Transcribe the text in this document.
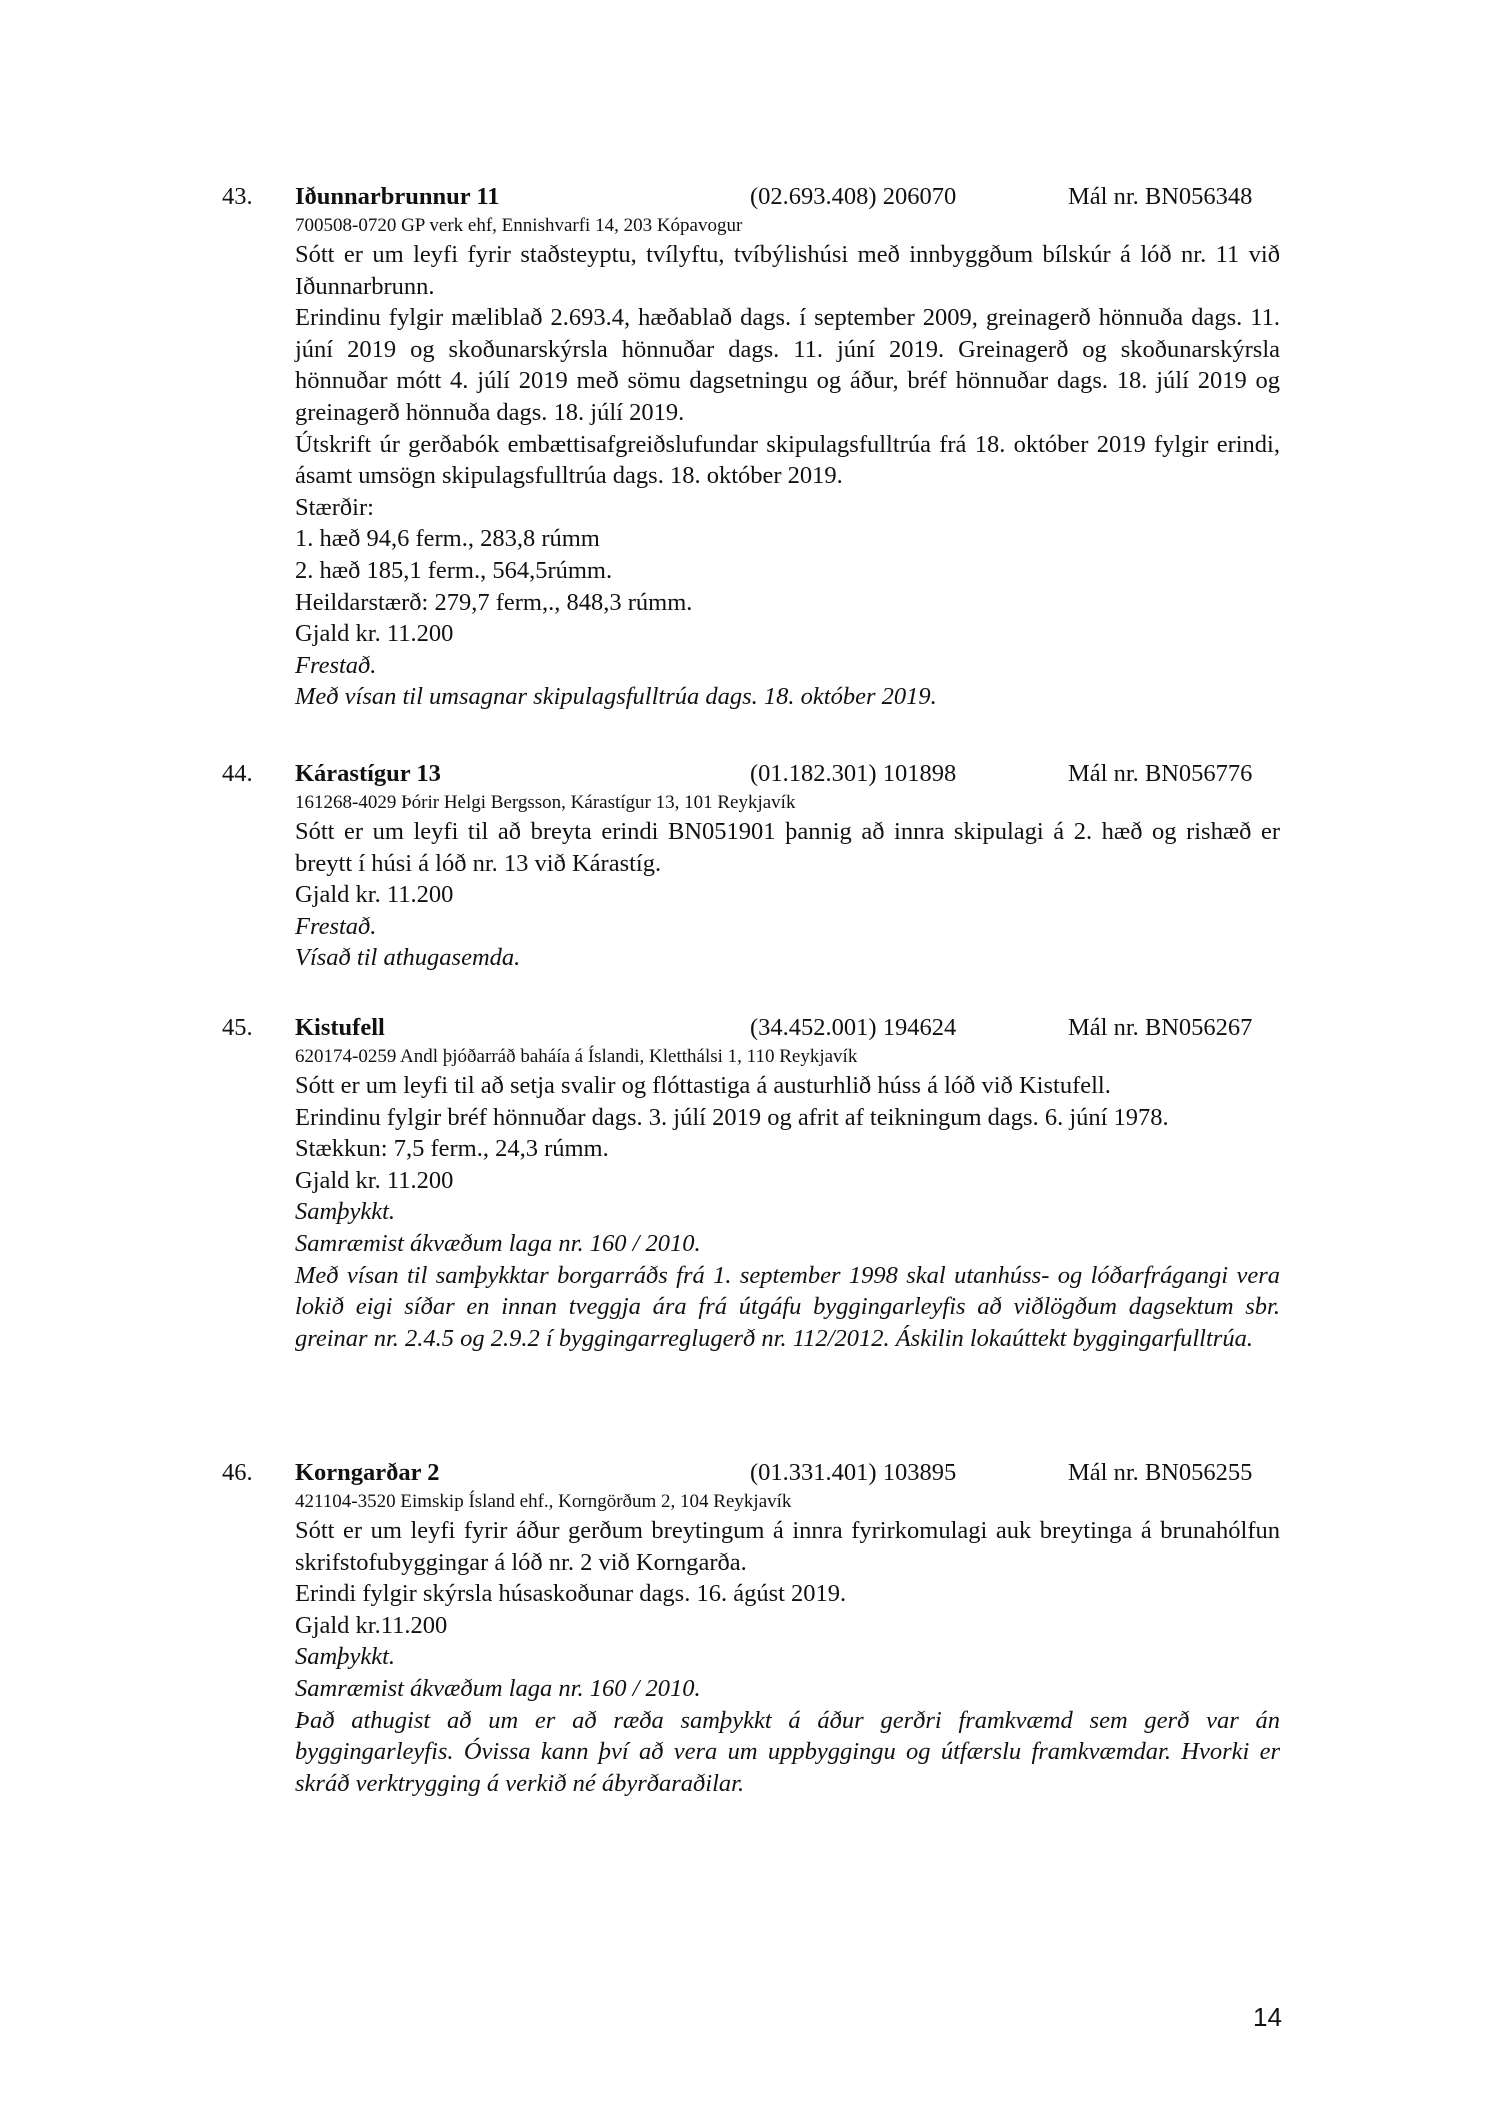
43. Iðunnarbrunnur 11	(02.693.408) 206070	Mál nr. BN056348
700508-0720 GP verk ehf, Ennishvarfi 14, 203 Kópavogur
Sótt er um leyfi fyrir staðsteyptu, tvílyftu, tvíbýlishúsi með innbyggðum bílskúr á lóð nr. 11 við Iðunnarbrunn.
Erindinu fylgir mæliblað 2.693.4, hæðablað dags. í september 2009, greinagerð hönnuða dags. 11. júní 2019 og skoðunarskýrsla hönnuðar dags. 11. júní 2019. Greinagerð og skoðunarskýrsla hönnuðar mótt 4. júlí 2019 með sömu dagsetningu og áður, bréf hönnuðar dags. 18. júlí 2019 og greinagerð hönnuða dags. 18. júlí 2019.
Útskrift úr gerðabók embættisafgreiðslufundar skipulagsfulltrúa frá 18. október 2019 fylgir erindi, ásamt umsögn skipulagsfulltrúa dags. 18. október 2019.
Stærðir:
1. hæð 94,6 ferm., 283,8 rúmm
2. hæð 185,1 ferm., 564,5rúmm.
Heildarstærð: 279,7 ferm,., 848,3 rúmm.
Gjald kr. 11.200
Frestað.
Með vísan til umsagnar skipulagsfulltrúa dags. 18. október 2019.
44. Kárastígur 13	(01.182.301) 101898	Mál nr. BN056776
161268-4029 Þórir Helgi Bergsson, Kárastígur 13, 101 Reykjavík
Sótt er um leyfi til að breyta erindi BN051901 þannig að innra skipulagi á 2. hæð og rishæð er breytt í húsi á lóð nr. 13 við Kárastíg.
Gjald kr. 11.200
Frestað.
Vísað til athugasemda.
45. Kistufell	(34.452.001) 194624	Mál nr. BN056267
620174-0259 Andl þjóðarráð baháía á Íslandi, Kletthálsi 1, 110 Reykjavík
Sótt er um leyfi til að setja svalir og flóttastiga á austurhlið húss á lóð við Kistufell.
Erindinu fylgir bréf hönnuðar dags. 3. júlí 2019 og afrit af teikningum dags. 6. júní 1978.
Stækkun: 7,5 ferm., 24,3 rúmm.
Gjald kr. 11.200
Samþykkt.
Samræmist ákvæðum laga nr. 160 / 2010.
Með vísan til samþykktar borgarráðs frá 1. september 1998 skal utanhúss- og lóðarfrágangi vera lokið eigi síðar en innan tveggja ára frá útgáfu byggingarleyfis að viðlögðum dagsektum sbr. greinar nr. 2.4.5 og 2.9.2 í byggingarreglugerð nr. 112/2012. Áskilin lokaúttekt byggingarfulltrúa.
46. Korngarðar 2	(01.331.401) 103895	Mál nr. BN056255
421104-3520 Eimskip Ísland ehf., Korngörðum 2, 104 Reykjavík
Sótt er um leyfi fyrir áður gerðum breytingum á innra fyrirkomulagi auk breytinga á brunahólfun skrifstofubyggingar á lóð nr. 2 við Korngarða.
Erindi fylgir skýrsla húsaskoðunar dags. 16. ágúst 2019.
Gjald kr.11.200
Samþykkt.
Samræmist ákvæðum laga nr. 160 / 2010.
Það athugist að um er að ræða samþykkt á áður gerðri framkvæmd sem gerð var án byggingarleyfis. Óvissa kann því að vera um uppbyggingu og útfærslu framkvæmdar. Hvorki er skráð verktrygging á verkið né ábyrðaraðilar.
14
